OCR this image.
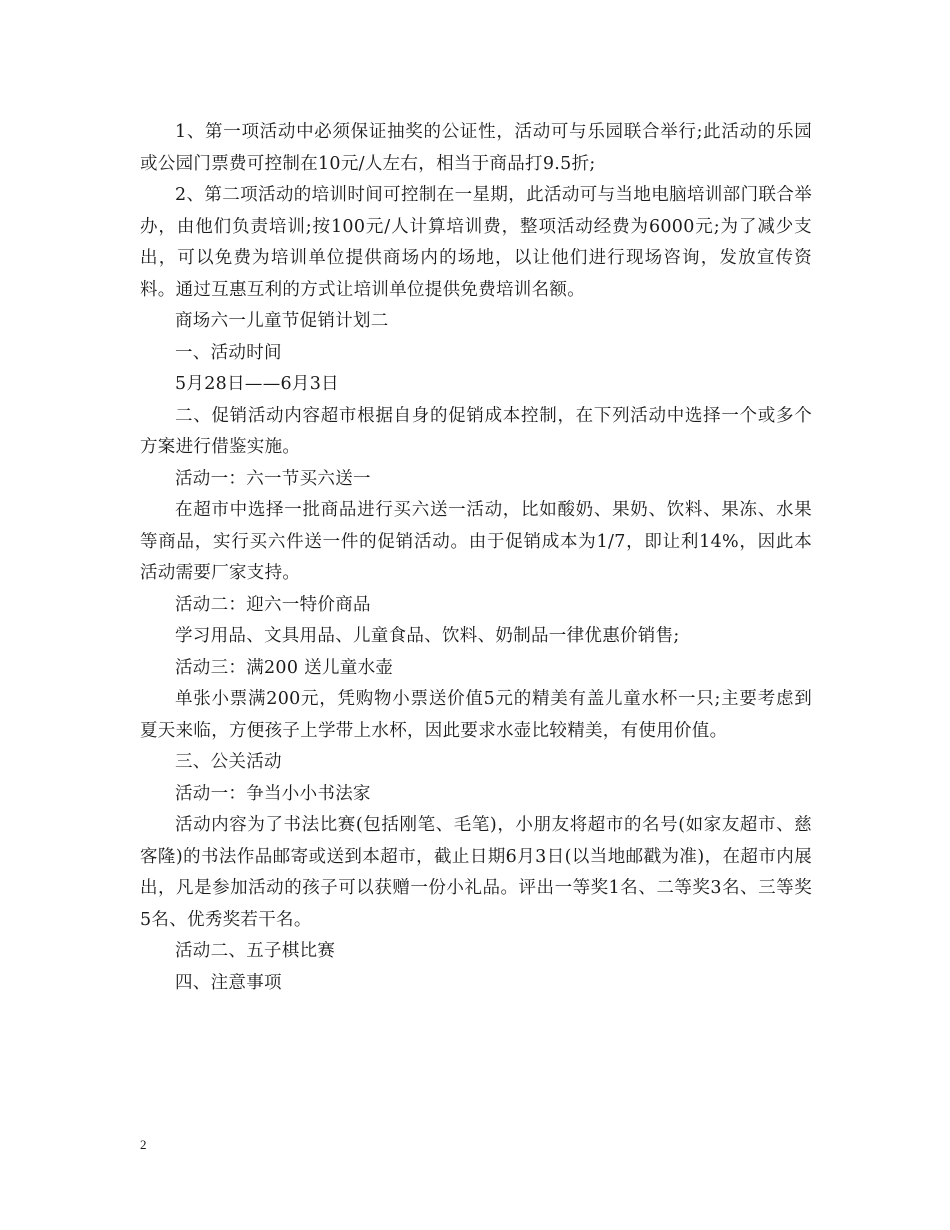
1、第一项活动中必须保证抽奖的公证性，活动可与乐园联合举行;此活动的乐园或公园门票费可控制在10元/人左右，相当于商品打9.5折;

2、第二项活动的培训时间可控制在一星期，此活动可与当地电脑培训部门联合举办，由他们负责培训;按100元/人计算培训费，整项活动经费为6000元;为了减少支出，可以免费为培训单位提供商场内的场地，以让他们进行现场咨询，发放宣传资料。通过互惠互利的方式让培训单位提供免费培训名额。

商场六一儿童节促销计划二

一、活动时间

5月28日——6月3日

二、促销活动内容超市根据自身的促销成本控制，在下列活动中选择一个或多个方案进行借鉴实施。

活动一：六一节买六送一

在超市中选择一批商品进行买六送一活动，比如酸奶、果奶、饮料、果冻、水果等商品，实行买六件送一件的促销活动。由于促销成本为1/7，即让利14%，因此本活动需要厂家支持。

活动二：迎六一特价商品

学习用品、文具用品、儿童食品、饮料、奶制品一律优惠价销售;

活动三：满200 送儿童水壶

单张小票满200元，凭购物小票送价值5元的精美有盖儿童水杯一只;主要考虑到夏天来临，方便孩子上学带上水杯，因此要求水壶比较精美，有使用价值。

三、公关活动

活动一：争当小小书法家

活动内容为了书法比赛(包括刚笔、毛笔)，小朋友将超市的名号(如家友超市、慈客隆)的书法作品邮寄或送到本超市，截止日期6月3日(以当地邮戳为准)，在超市内展出，凡是参加活动的孩子可以获赠一份小礼品。评出一等奖1名、二等奖3名、三等奖5名、优秀奖若干名。

活动二、五子棋比赛

四、注意事项

2
